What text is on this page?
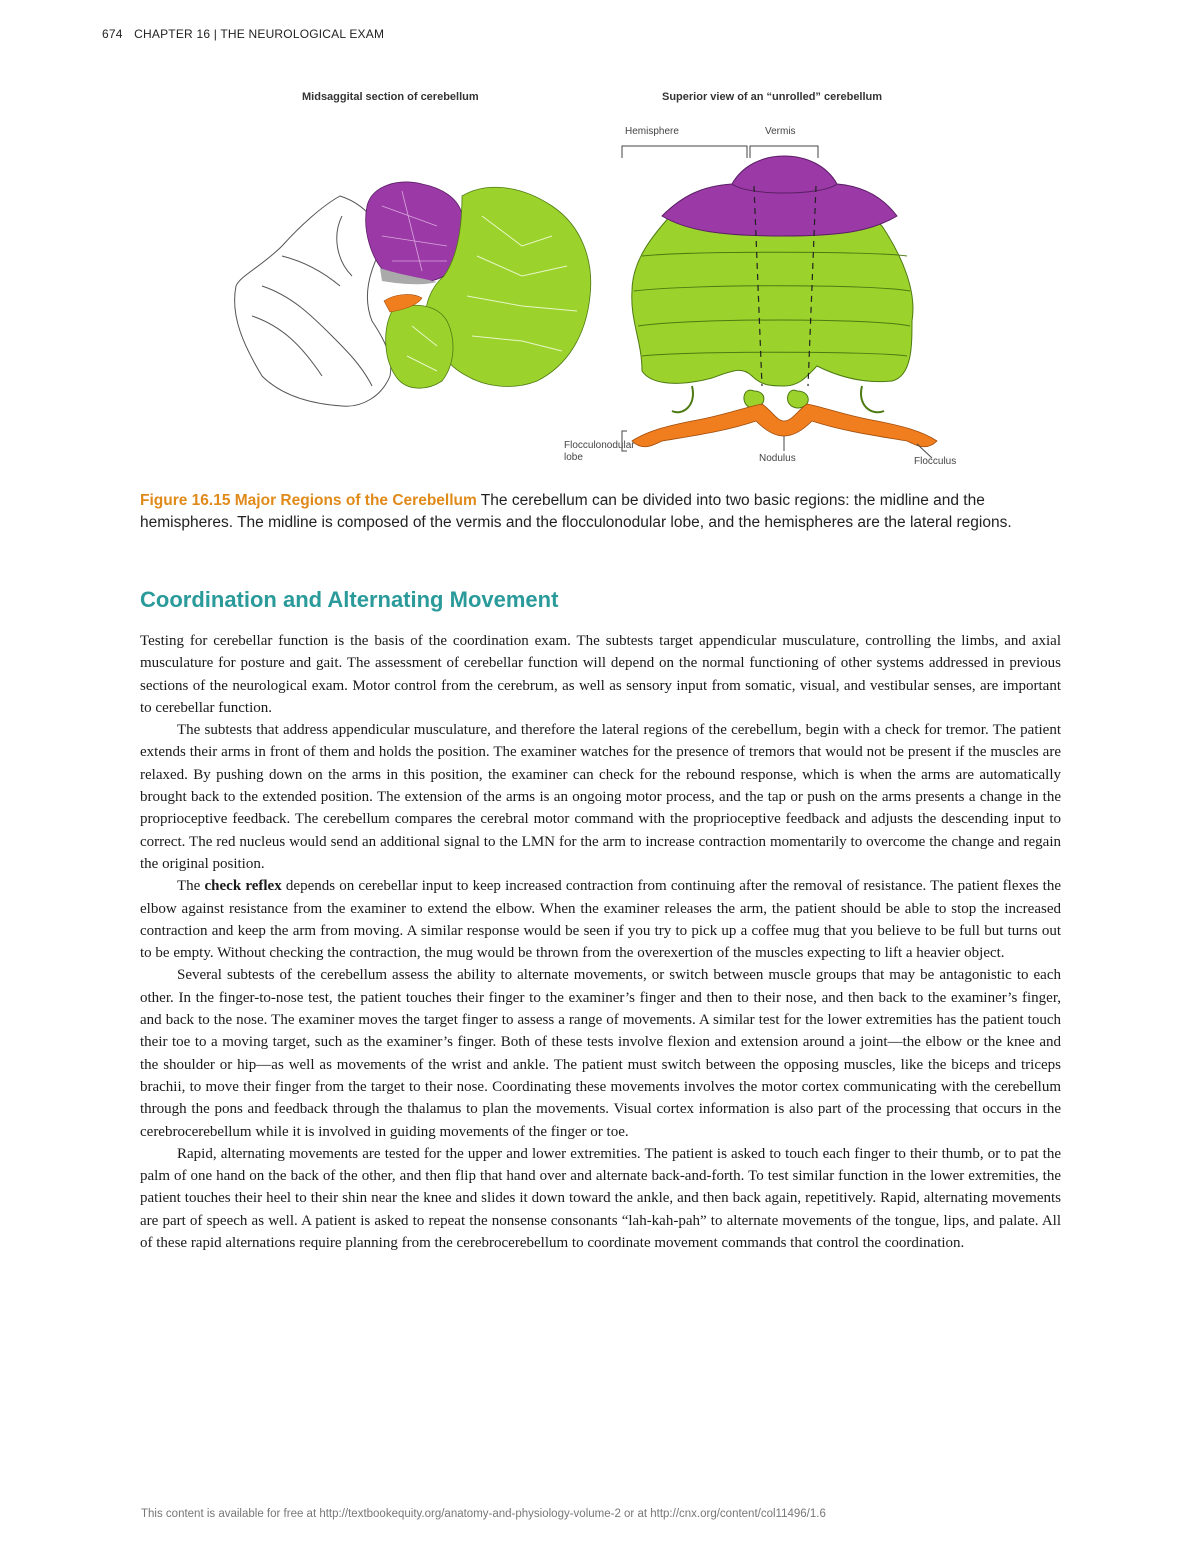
674 CHAPTER 16 | THE NEUROLOGICAL EXAM
Midsaggital section of cerebellum	Superior view of an “unrolled” cerebellum
Hemisphere	Vermis
Flocculonodular
lobe	Nodulus	Flocculus
Figure 16.15 Major Regions of the Cerebellum The cerebellum can be divided into two basic regions: the midline and the hemispheres. The midline is composed of the vermis and the flocculonodular lobe, and the hemispheres are the lateral regions.
Coordination and Alternating Movement

Testing for cerebellar function is the basis of the coordination exam. The subtests target appendicular musculature, controlling the limbs, and axial musculature for posture and gait. The assessment of cerebellar function will depend on the normal functioning of other systems addressed in previous sections of the neurological exam. Motor control from the cerebrum, as well as sensory input from somatic, visual, and vestibular senses, are important to cerebellar function.

The subtests that address appendicular musculature, and therefore the lateral regions of the cerebellum, begin with a check for tremor. The patient extends their arms in front of them and holds the position. The examiner watches for the presence of tremors that would not be present if the muscles are relaxed. By pushing down on the arms in this position, the examiner can check for the rebound response, which is when the arms are automatically brought back to the extended position. The extension of the arms is an ongoing motor process, and the tap or push on the arms presents a change in the proprioceptive feedback. The cerebellum compares the cerebral motor command with the proprioceptive feedback and adjusts the descending input to correct. The red nucleus would send an additional signal to the LMN for the arm to increase contraction momentarily to overcome the change and regain the original position.

The check reflex depends on cerebellar input to keep increased contraction from continuing after the removal of resistance. The patient flexes the elbow against resistance from the examiner to extend the elbow. When the examiner releases the arm, the patient should be able to stop the increased contraction and keep the arm from moving. A similar response would be seen if you try to pick up a coffee mug that you believe to be full but turns out to be empty. Without checking the contraction, the mug would be thrown from the overexertion of the muscles expecting to lift a heavier object.

Several subtests of the cerebellum assess the ability to alternate movements, or switch between muscle groups that may be antagonistic to each other. In the finger-to-nose test, the patient touches their finger to the examiner’s finger and then to their nose, and then back to the examiner’s finger, and back to the nose. The examiner moves the target finger to assess a range of movements. A similar test for the lower extremities has the patient touch their toe to a moving target, such as the examiner’s finger. Both of these tests involve flexion and extension around a joint—the elbow or the knee and the shoulder or hip—as well as movements of the wrist and ankle. The patient must switch between the opposing muscles, like the biceps and triceps brachii, to move their finger from the target to their nose. Coordinating these movements involves the motor cortex communicating with the cerebellum through the pons and feedback through the thalamus to plan the movements. Visual cortex information is also part of the processing that occurs in the cerebrocerebellum while it is involved in guiding movements of the finger or toe.

Rapid, alternating movements are tested for the upper and lower extremities. The patient is asked to touch each finger to their thumb, or to pat the palm of one hand on the back of the other, and then flip that hand over and alternate back-and-forth. To test similar function in the lower extremities, the patient touches their heel to their shin near the knee and slides it down toward the ankle, and then back again, repetitively. Rapid, alternating movements are part of speech as well. A patient is asked to repeat the nonsense consonants “lah-kah-pah” to alternate movements of the tongue, lips, and palate. All of these rapid alternations require planning from the cerebrocerebellum to coordinate movement commands that control the coordination.

This content is available for free at http://textbookequity.org/anatomy-and-physiology-volume-2 or at http://cnx.org/content/col11496/1.6
